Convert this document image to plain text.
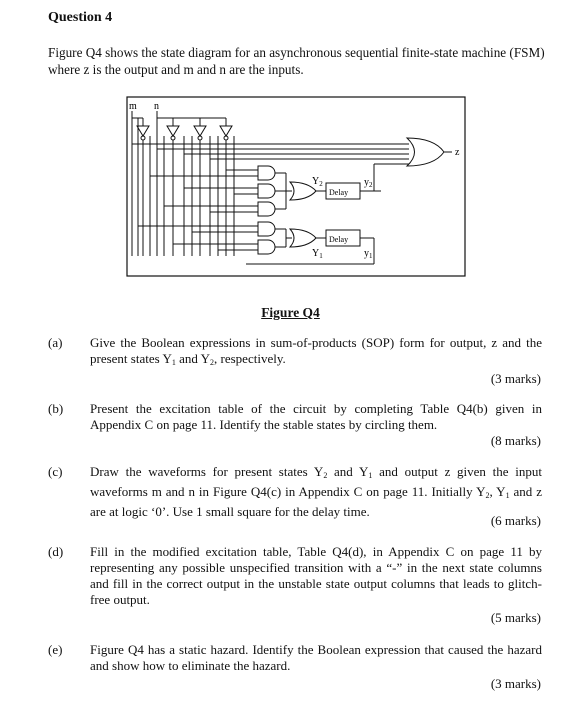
Question 4
Figure Q4 shows the state diagram for an asynchronous sequential finite-state machine (FSM) where z is the output and m and n are the inputs.
m n
z
Delay
Delay
$Y_2$	$y_2$
$Y_1$	$y_1$
Figure Q4
(a) Give the Boolean expressions in sum-of-products (SOP) form for output, z and the present states $Y_1$ and $Y_2$, respectively.
(3 marks)
(b) Present the excitation table of the circuit by completing Table Q4(b) given in Appendix C on page 11. Identify the stable states by circling them.
(8 marks)
(c) Draw the waveforms for present states $Y_2$ and $Y_1$ and output z given the input waveforms m and n in Figure Q4(c) in Appendix C on page 11. Initially $Y_2$, $Y_1$ and z are at logic ‘0’. Use 1 small square for the delay time.
(6 marks)
(d) Fill in the modified excitation table, Table Q4(d), in Appendix C on page 11 by representing any possible unspecified transition with a “-” in the next state columns and fill in the correct output in the unstable state output columns that leads to glitch-free output.
(5 marks)
(e) Figure Q4 has a static hazard. Identify the Boolean expression that caused the hazard and show how to eliminate the hazard.
(3 marks)
